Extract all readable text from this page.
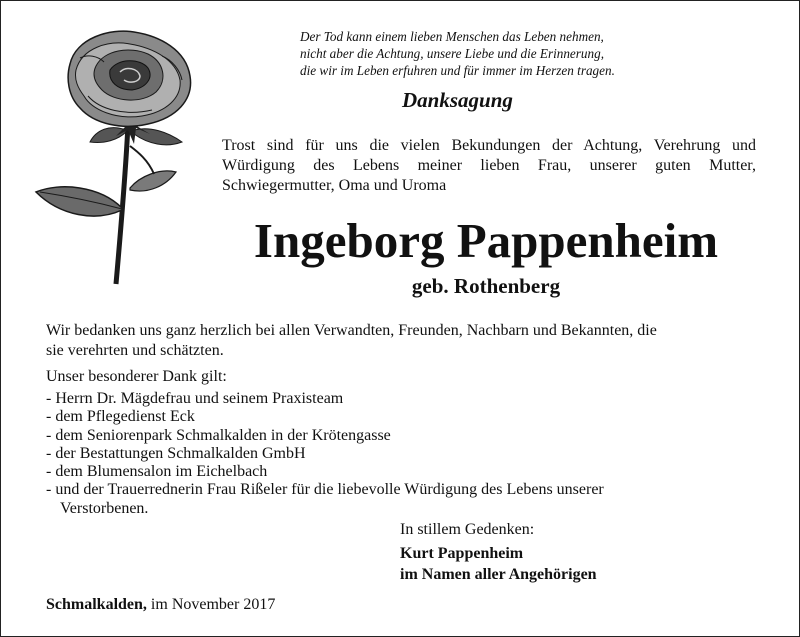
Der Tod kann einem lieben Menschen das Leben nehmen,
nicht aber die Achtung, unsere Liebe und die Erinnerung,
die wir im Leben erfuhren und für immer im Herzen tragen.
Danksagung
Trost sind für uns die vielen Bekundungen der Achtung, Verehrung und
Würdigung des Lebens meiner lieben Frau, unserer guten Mutter,
Schwiegermutter, Oma und Uroma
Ingeborg Pappenheim
geb. Rothenberg
Wir bedanken uns ganz herzlich bei allen Verwandten, Freunden, Nachbarn und Bekannten, die
sie verehrten und schätzten.
Unser besonderer Dank gilt:
- Herrn Dr. Mägdefrau und seinem Praxisteam
- dem Pflegedienst Eck
- dem Seniorenpark Schmalkalden in der Krötengasse
- der Bestattungen Schmalkalden GmbH
- dem Blumensalon im Eichelbach
- und der Trauerrednerin Frau Rißeler für die liebevolle Würdigung des Lebens unserer
Verstorbenen.
In stillem Gedenken:
Kurt Pappenheim
im Namen aller Angehörigen
Schmalkalden, im November 2017
